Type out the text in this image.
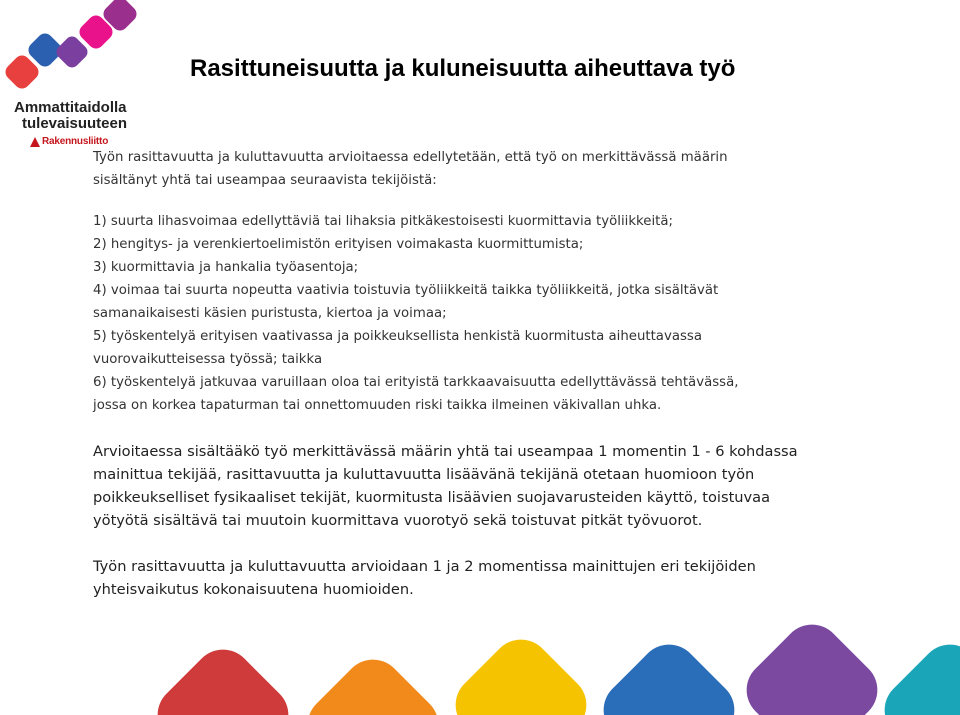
Ammattitaidolla
tulevaisuuteen
Rakennusliitto
Rasittuneisuutta ja kuluneisuutta aiheuttava työ

Työn rasittavuutta ja kuluttavuutta arvioitaessa edellytetään, että työ on merkittävässä määrin

sisältänyt yhtä tai useampaa seuraavista tekijöistä:

1) suurta lihasvoimaa edellyttäviä tai lihaksia pitkäkestoisesti kuormittavia työliikkeitä;

2) hengitys- ja verenkiertoelimistön erityisen voimakasta kuormittumista;

3) kuormittavia ja hankalia työasentoja;

4) voimaa tai suurta nopeutta vaativia toistuvia työliikkeitä taikka työliikkeitä, jotka sisältävät

samanaikaisesti käsien puristusta, kiertoa ja voimaa;

5) työskentelyä erityisen vaativassa ja poikkeuksellista henkistä kuormitusta aiheuttavassa

vuorovaikutteisessa työssä; taikka

6) työskentelyä jatkuvaa varuillaan oloa tai erityistä tarkkaavaisuutta edellyttävässä tehtävässä,

jossa on korkea tapaturman tai onnettomuuden riski taikka ilmeinen väkivallan uhka.

Arvioitaessa sisältääkö työ merkittävässä määrin yhtä tai useampaa 1 momentin 1 - 6 kohdassa

mainittua tekijää, rasittavuutta ja kuluttavuutta lisäävänä tekijänä otetaan huomioon työn

poikkeukselliset fysikaaliset tekijät, kuormitusta lisäävien suojavarusteiden käyttö, toistuvaa

yötyötä sisältävä tai muutoin kuormittava vuorotyö sekä toistuvat pitkät työvuorot.

Työn rasittavuutta ja kuluttavuutta arvioidaan 1 ja 2 momentissa mainittujen eri tekijöiden

yhteisvaikutus kokonaisuutena huomioiden.
